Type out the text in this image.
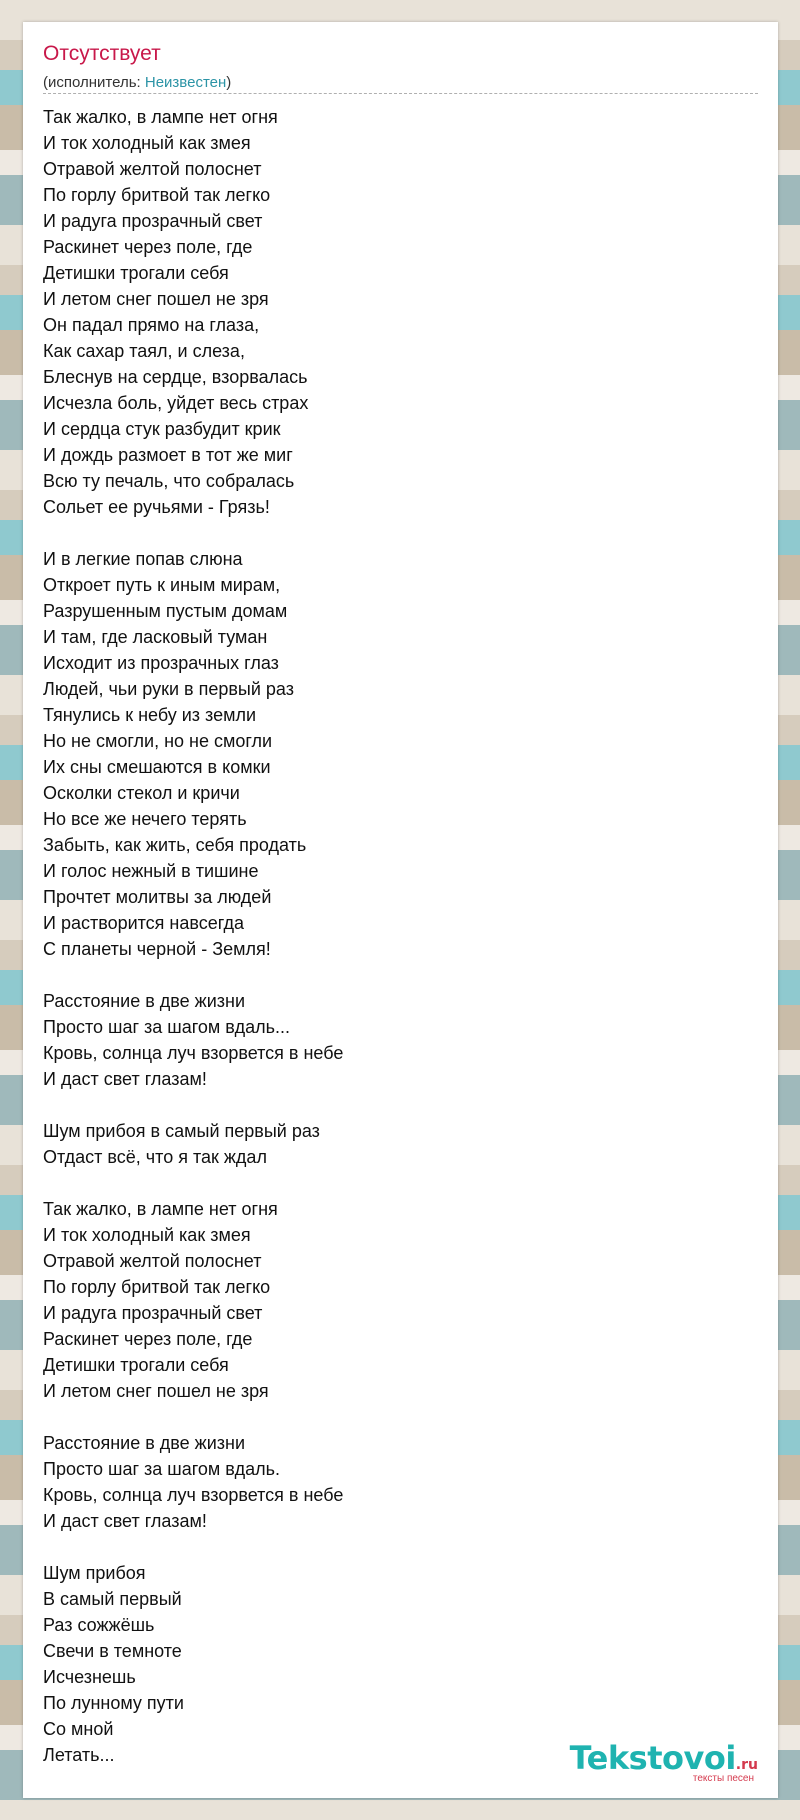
Отсутствует
(исполнитель: Неизвестен)
Так жалко, в лампе нет огня
И ток холодный как змея
Отравой желтой полоснет
По горлу бритвой так легко
И радуга прозрачный свет
Раскинет через поле, где
Детишки трогали себя
И летом снег пошел не зря
Он падал прямо на глаза,
Как сахар таял, и слеза,
Блеснув на сердце, взорвалась
Исчезла боль, уйдет весь страх
И сердца стук разбудит крик
И дождь размоет в тот же миг
Всю ту печаль, что собралась
Сольет ее ручьями - Грязь!
И в легкие попав слюна
Откроет путь к иным мирам,
Разрушенным пустым домам
И там, где ласковый туман
Исходит из прозрачных глаз
Людей, чьи руки в первый раз
Тянулись к небу из земли
Но не смогли, но не смогли
Их сны смешаются в комки
Осколки стекол и кричи
Но все же нечего терять
Забыть, как жить, себя продать
И голос нежный в тишине
Прочтет молитвы за людей
И растворится навсегда
С планеты черной - Земля!
Расстояние в две жизни
Просто шаг за шагом вдаль...
Кровь, солнца луч взорвется в небе
И даст свет глазам!
Шум прибоя в самый первый раз
Отдаст всё, что я так ждал
Так жалко, в лампе нет огня
И ток холодный как змея
Отравой желтой полоснет
По горлу бритвой так легко
И радуга прозрачный свет
Раскинет через поле, где
Детишки трогали себя
И летом снег пошел не зря
Расстояние в две жизни
Просто шаг за шагом вдаль.
Кровь, солнца луч взорвется в небе
И даст свет глазам!
Шум прибоя
В самый первый
Раз сожжёшь
Свечи в темноте
Исчезнешь
По лунному пути
Со мной
Летать...	Tekstovoi.ru
тексты песен
